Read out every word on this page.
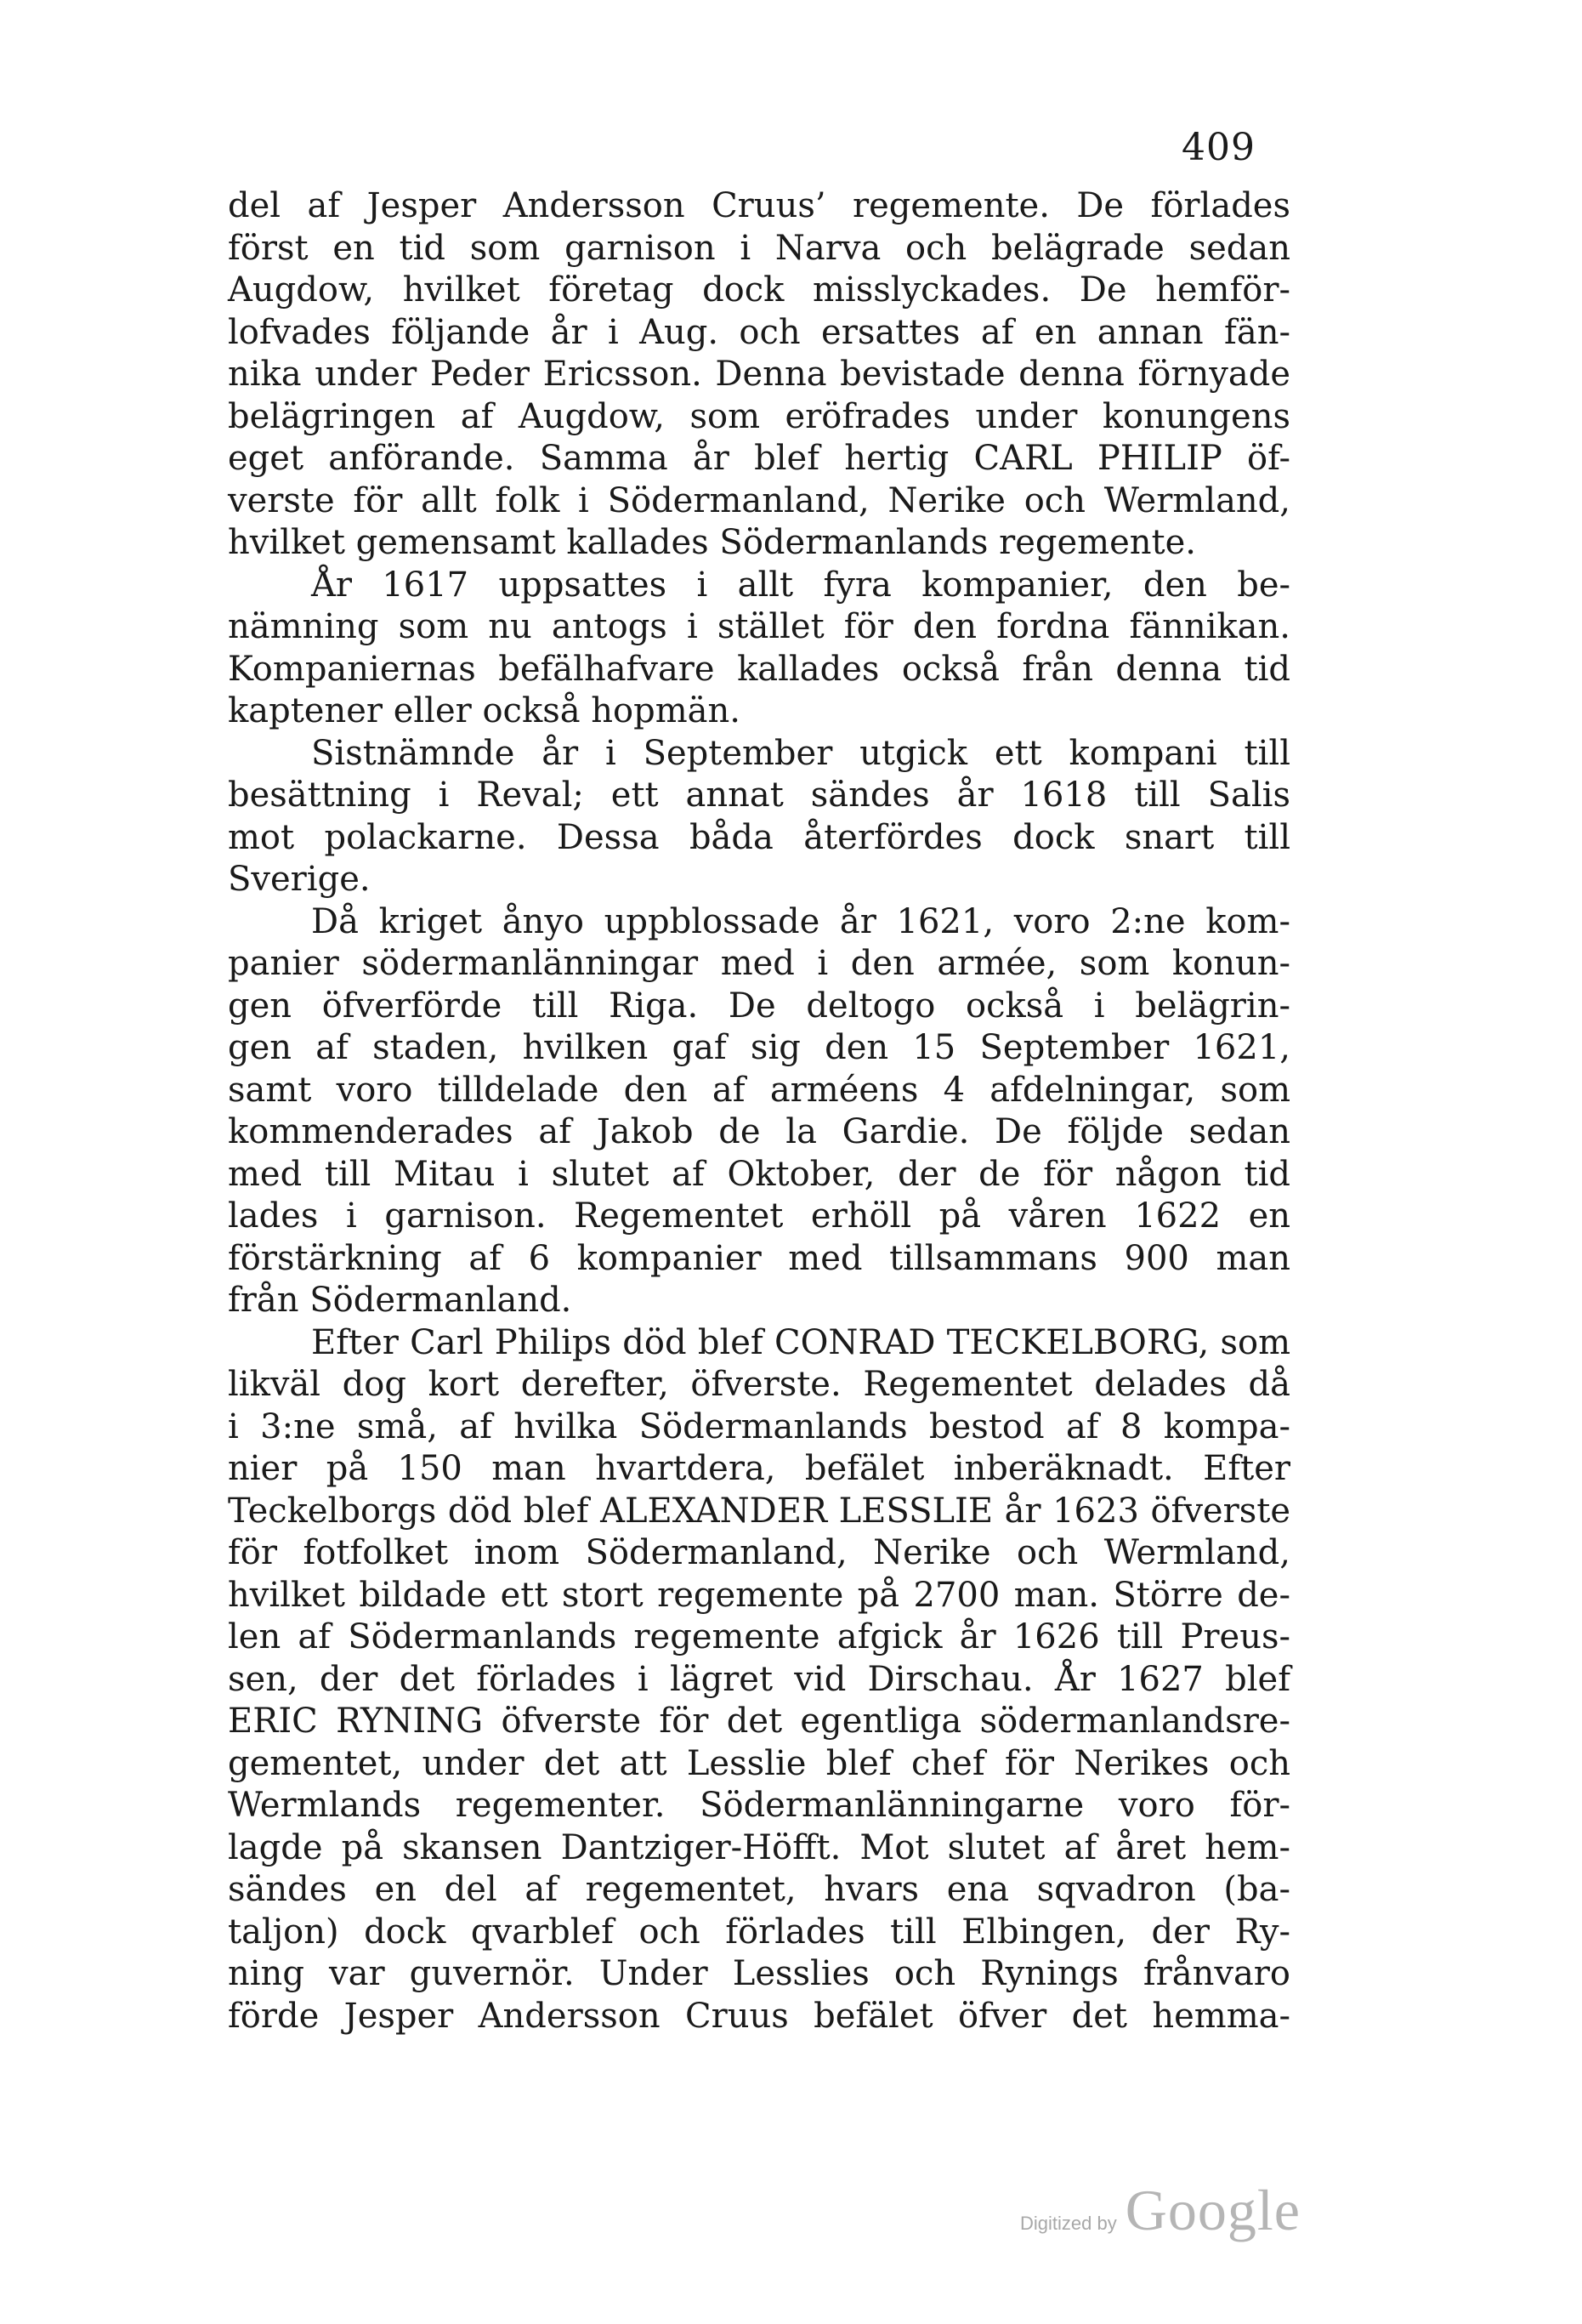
409
del af Jesper Andersson Cruus’ regemente. De förlades
först en tid som garnison i Narva och belägrade sedan
Augdow, hvilket företag dock misslyckades. De hemför-
lofvades följande år i Aug. och ersattes af en annan fän-
nika under Peder Ericsson. Denna bevistade denna förnyade
belägringen af Augdow, som eröfrades under konungens
eget anförande. Samma år blef hertig CARL PHILIP öf-
verste för allt folk i Södermanland, Nerike och Wermland,
hvilket gemensamt kallades Södermanlands regemente.
År 1617 uppsattes i allt fyra kompanier, den be-
nämning som nu antogs i stället för den fordna fännikan.
Kompaniernas befälhafvare kallades också från denna tid
kaptener eller också hopmän.
Sistnämnde år i September utgick ett kompani till
besättning i Reval; ett annat sändes år 1618 till Salis
mot polackarne. Dessa båda återfördes dock snart till
Sverige.
Då kriget ånyo uppblossade år 1621, voro 2:ne kom-
panier södermanlänningar med i den armée, som konun-
gen öfverförde till Riga. De deltogo också i belägrin-
gen af staden, hvilken gaf sig den 15 September 1621,
samt voro tilldelade den af arméens 4 afdelningar, som
kommenderades af Jakob de la Gardie. De följde sedan
med till Mitau i slutet af Oktober, der de för någon tid
lades i garnison. Regementet erhöll på våren 1622 en
förstärkning af 6 kompanier med tillsammans 900 man
från Södermanland.
Efter Carl Philips död blef CONRAD TECKELBORG, som
likväl dog kort derefter, öfverste. Regementet delades då
i 3:ne små, af hvilka Södermanlands bestod af 8 kompa-
nier på 150 man hvartdera, befälet inberäknadt. Efter
Teckelborgs död blef ALEXANDER LESSLIE år 1623 öfverste
för fotfolket inom Södermanland, Nerike och Wermland,
hvilket bildade ett stort regemente på 2700 man. Större de-
len af Södermanlands regemente afgick år 1626 till Preus-
sen, der det förlades i lägret vid Dirschau. År 1627 blef
ERIC RYNING öfverste för det egentliga södermanlandsre-
gementet, under det att Lesslie blef chef för Nerikes och
Wermlands regementer. Södermanlänningarne voro för-
lagde på skansen Dantziger-Höfft. Mot slutet af året hem-
sändes en del af regementet, hvars ena sqvadron (ba-
taljon) dock qvarblef och förlades till Elbingen, der Ry-
ning var guvernör. Under Lesslies och Rynings frånvaro
förde Jesper Andersson Cruus befälet öfver det hemma-
Digitized by Google
